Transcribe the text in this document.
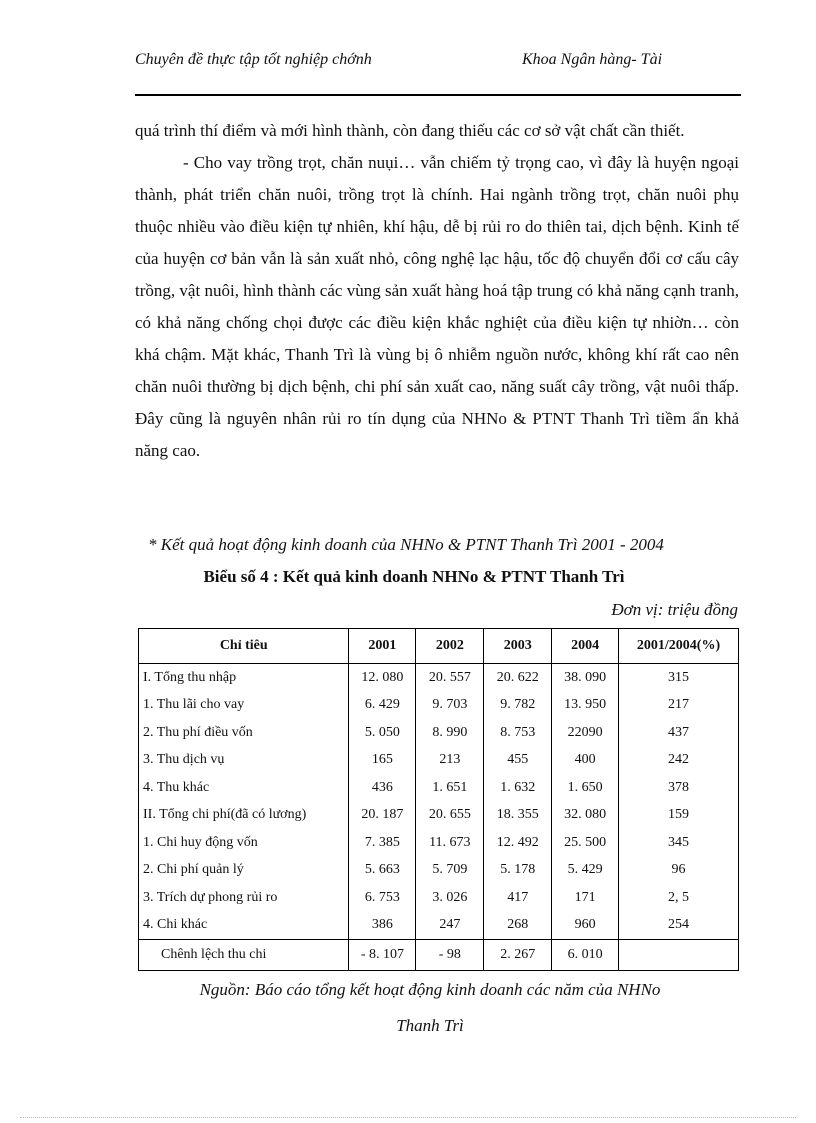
Chuyên đề thực tập tốt nghiệp chớnh	Khoa Ngân hàng- Tài

quá trình thí điểm và mới hình thành, còn đang thiếu các cơ sở vật chất cần thiết.

- Cho vay trồng trọt, chăn nuụi… vẫn chiếm tỷ trọng cao, vì đây là huyện ngoại thành, phát triển chăn nuôi, trồng trọt là chính. Hai ngành trồng trọt, chăn nuôi phụ thuộc nhiều vào điều kiện tự nhiên, khí hậu, dễ bị rủi ro do thiên tai, dịch bệnh. Kinh tế của huyện cơ bản vẫn là sản xuất nhỏ, công nghệ lạc hậu, tốc độ chuyển đổi cơ cấu cây trồng, vật nuôi, hình thành các vùng sản xuất hàng hoá tập trung có khả năng cạnh tranh, có khả năng chống chọi được các điều kiện khắc nghiệt của điều kiện tự nhiờn… còn khá chậm. Mặt khác, Thanh Trì là vùng bị ô nhiễm nguồn nước, không khí rất cao nên chăn nuôi thường bị dịch bệnh, chi phí sản xuất cao, năng suất cây trồng, vật nuôi thấp. Đây cũng là nguyên nhân rủi ro tín dụng của NHNo & PTNT Thanh Trì tiềm ẩn khả năng cao.

* Kết quả hoạt động kinh doanh của NHNo & PTNT Thanh Trì 2001 - 2004
Biểu số 4 : Kết quả kinh doanh NHNo & PTNT Thanh Trì
Đơn vị: triệu đồng
Chỉ tiêu	2001	2002	2003	2004	2001/2004(%)
I. Tổng thu nhập	12. 080	20. 557	20. 622	38. 090	315
1. Thu lãi cho vay	6. 429	9. 703	9. 782	13. 950	217
2. Thu phí điều vốn	5. 050	8. 990	8. 753	22090	437
3. Thu dịch vụ	165	213	455	400	242
4. Thu khác	436	1. 651	1. 632	1. 650	378
II. Tổng chi phí(đã có lương)	20. 187	20. 655	18. 355	32. 080	159
1. Chi huy động vốn	7. 385	11. 673	12. 492	25. 500	345
2. Chi phí quản lý	5. 663	5. 709	5. 178	5. 429	96
3. Trích dự phong rủi ro	6. 753	3. 026	417	171	2, 5
4. Chi khác	386	247	268	960	254
Chênh lệch thu chi	- 8. 107	- 98	2. 267	6. 010	
Nguồn: Báo cáo tổng kết hoạt động kinh doanh các năm của NHNo
Thanh Trì
